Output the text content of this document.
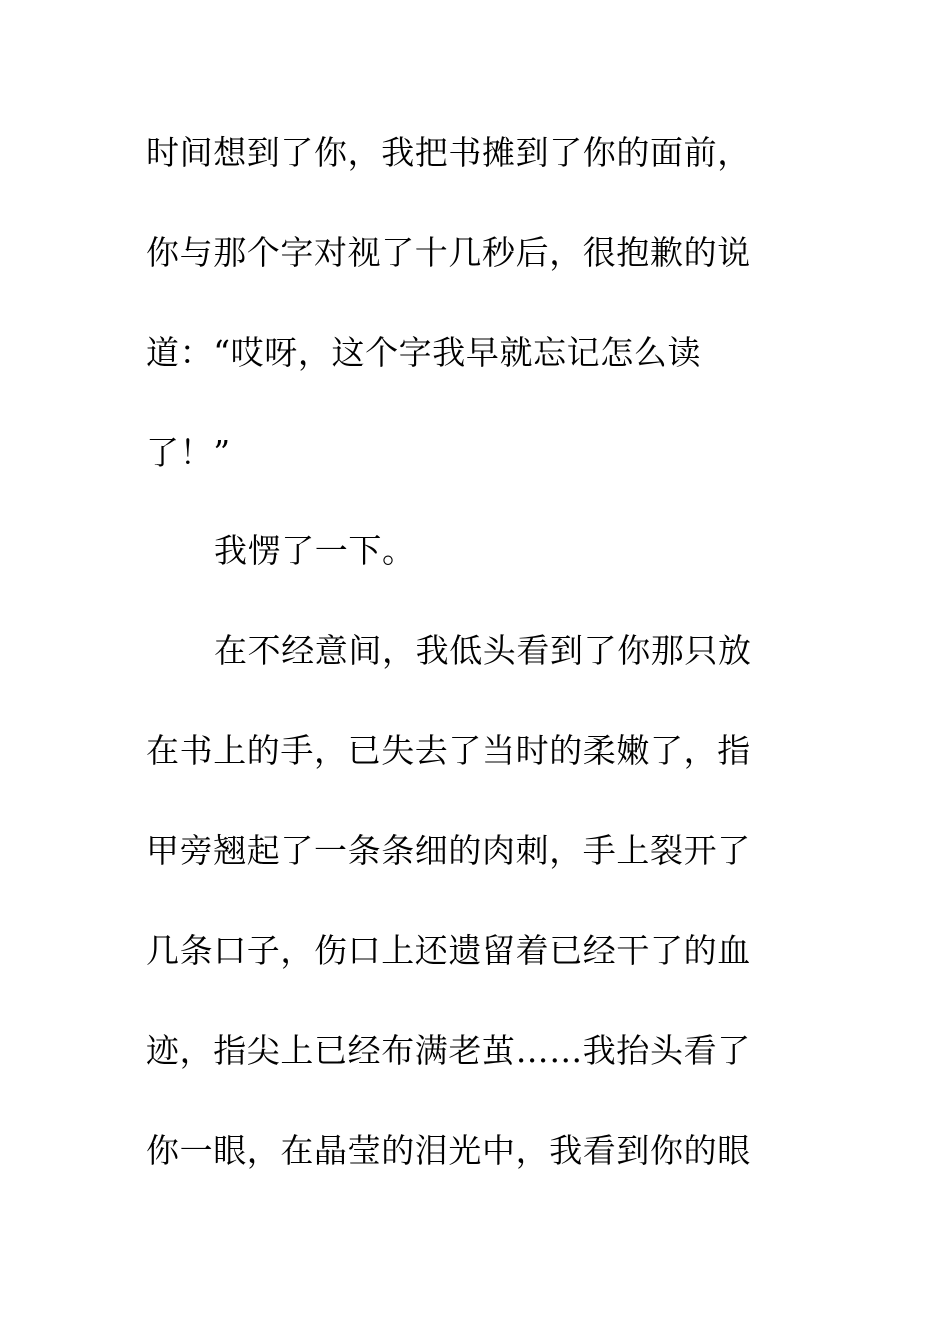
时间想到了你，我把书摊到了你的面前，
你与那个字对视了十几秒后，很抱歉的说
道：“哎呀，这个字我早就忘记怎么读
了！”
我愣了一下。
在不经意间，我低头看到了你那只放
在书上的手，已失去了当时的柔嫩了，指
甲旁翘起了一条条细的肉刺，手上裂开了
几条口子，伤口上还遗留着已经干了的血
迹，指尖上已经布满老茧……我抬头看了
你一眼，在晶莹的泪光中，我看到你的眼
